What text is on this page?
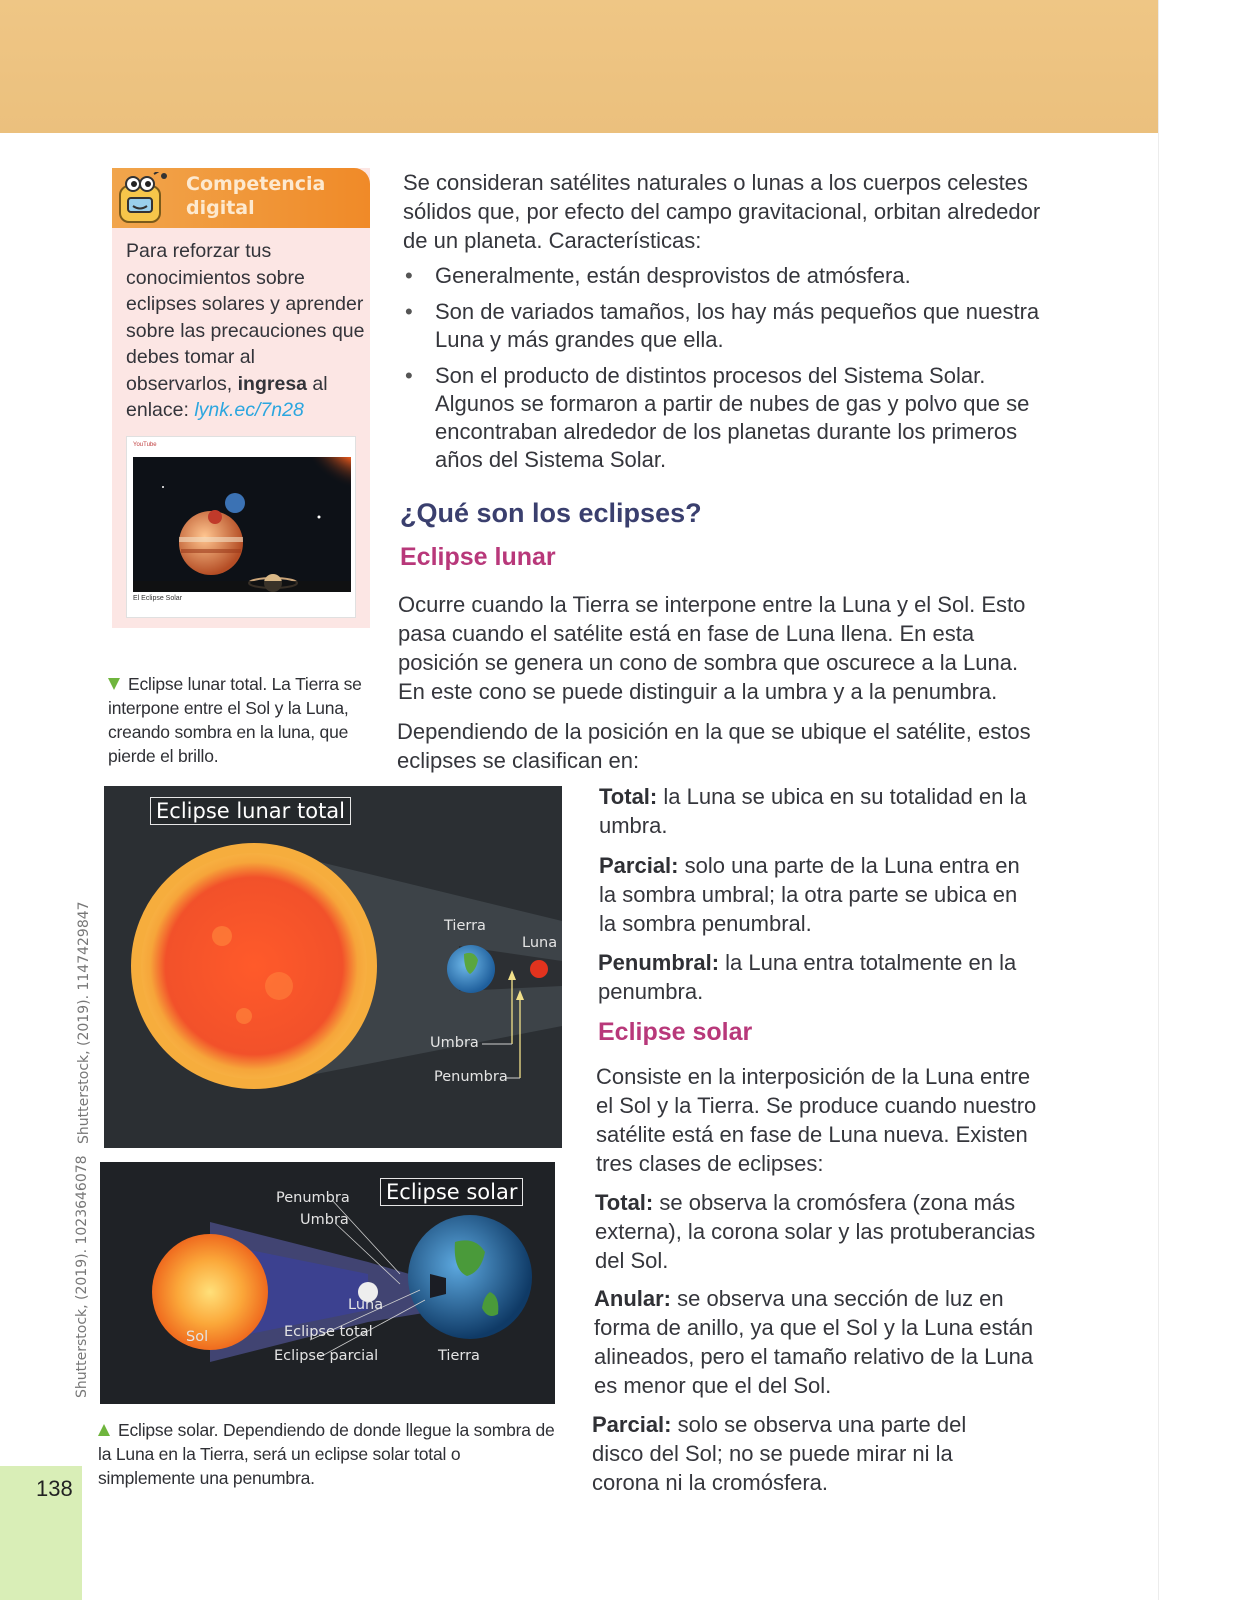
Competencia
digital
Para reforzar tus conocimientos sobre eclipses solares y aprender sobre las precauciones que debes tomar al observarlos, ingresa al enlace: lynk.ec/7n28
YouTube
El Eclipse Solar
Eclipse lunar total. La Tierra se interpone entre el Sol y la Luna, creando sombra en la luna, que pierde el brillo.
Eclipse lunar total
Tierra
Luna
Umbra
Penumbra
Eclipse solar
Penumbra
Umbra
Luna
Sol	Eclipse total
Eclipse parcial	Tierra
Shutterstock, (2019). 1147429847
Shutterstock, (2019). 1023646078
Eclipse solar. Dependiendo de donde llegue la sombra de la Luna en la Tierra, será un eclipse solar total o simplemente una penumbra.
Se consideran satélites naturales o lunas a los cuerpos celestes sólidos que, por efecto del campo gravitacional, orbitan alrededor de un planeta. Características:
• Generalmente, están desprovistos de atmósfera.
• Son de variados tamaños, los hay más pequeños que nuestra Luna y más grandes que ella.
• Son el producto de distintos procesos del Sistema Solar. Algunos se formaron a partir de nubes de gas y polvo que se encontraban alrededor de los planetas durante los primeros años del Sistema Solar.
¿Qué son los eclipses?
Eclipse lunar
Ocurre cuando la Tierra se interpone entre la Luna y el Sol. Esto pasa cuando el satélite está en fase de Luna llena. En esta posición se genera un cono de sombra que oscurece a la Luna. En este cono se puede distinguir a la umbra y a la penumbra.
Dependiendo de la posición en la que se ubique el satélite, estos eclipses se clasifican en:
Total: la Luna se ubica en su totalidad en la umbra.
Parcial: solo una parte de la Luna entra en la sombra umbral; la otra parte se ubica en la sombra penumbral.
Penumbral: la Luna entra totalmente en la penumbra.
Eclipse solar
Consiste en la interposición de la Luna entre el Sol y la Tierra. Se produce cuando nuestro satélite está en fase de Luna nueva. Existen tres clases de eclipses:
Total: se observa la cromósfera (zona más externa), la corona solar y las protuberancias del Sol.
Anular: se observa una sección de luz en forma de anillo, ya que el Sol y la Luna están alineados, pero el tamaño relativo de la Luna es menor que el del Sol.
Parcial: solo se observa una parte del disco del Sol; no se puede mirar ni la corona ni la cromósfera.
138
